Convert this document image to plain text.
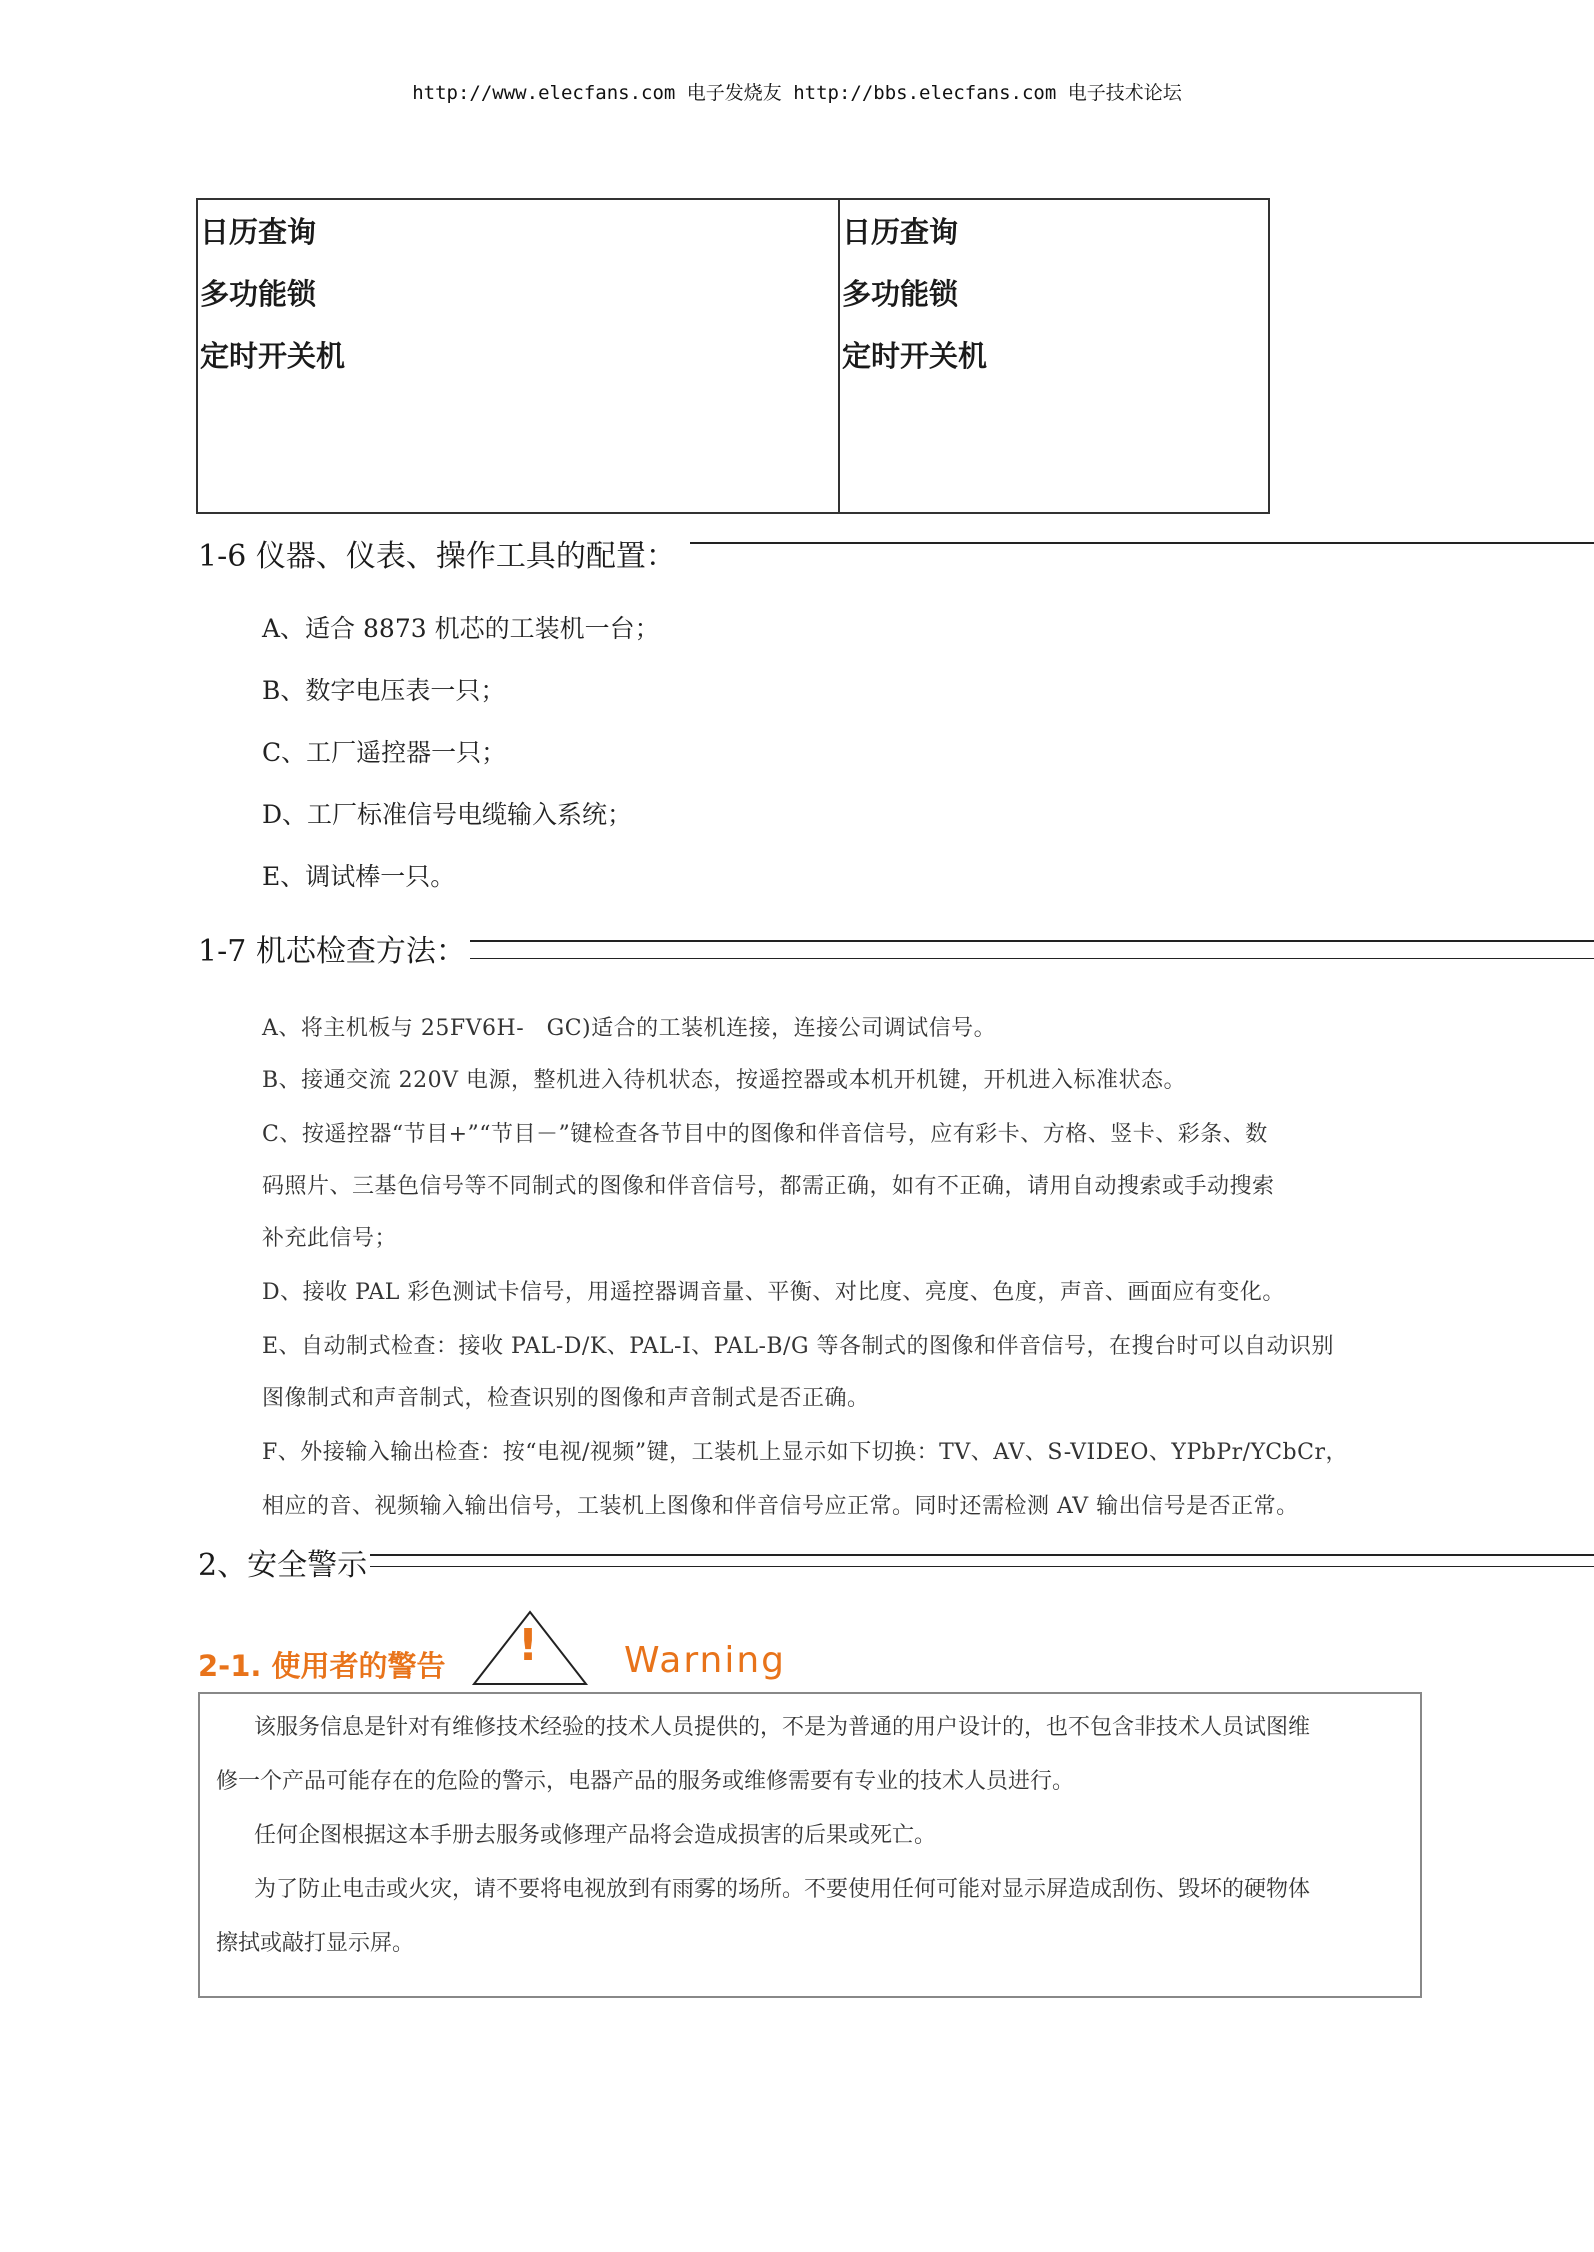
http://www.elecfans.com 电子发烧友 http://bbs.elecfans.com 电子技术论坛
日历查询
多功能锁
定时开关机

日历查询
多功能锁
定时开关机
1-6 仪器、仪表、操作工具的配置：
A、适合 8873 机芯的工装机一台；
B、数字电压表一只；
C、工厂遥控器一只；
D、工厂标准信号电缆输入系统；
E、调试棒一只。
1-7 机芯检查方法：
A、将主机板与 25FV6H-　GC)适合的工装机连接，连接公司调试信号。
B、接通交流 220V 电源，整机进入待机状态，按遥控器或本机开机键，开机进入标准状态。
C、按遥控器“节目+”“节目－”键检查各节目中的图像和伴音信号，应有彩卡、方格、竖卡、彩条、数
码照片、三基色信号等不同制式的图像和伴音信号，都需正确，如有不正确，请用自动搜索或手动搜索
补充此信号；
D、接收 PAL 彩色测试卡信号，用遥控器调音量、平衡、对比度、亮度、色度，声音、画面应有变化。
E、自动制式检查：接收 PAL-D/K、PAL-I、PAL-B/G 等各制式的图像和伴音信号，在搜台时可以自动识别
图像制式和声音制式，检查识别的图像和声音制式是否正确。
F、外接输入输出检查：按“电视/视频”键，工装机上显示如下切换：TV、AV、S-VIDEO、YPbPr/YCbCr，
相应的音、视频输入输出信号，工装机上图像和伴音信号应正常。同时还需检测 AV 输出信号是否正常。
2、安全警示
2-1. 使用者的警告 ! Warning
该服务信息是针对有维修技术经验的技术人员提供的，不是为普通的用户设计的，也不包含非技术人员试图维
修一个产品可能存在的危险的警示，电器产品的服务或维修需要有专业的技术人员进行。
任何企图根据这本手册去服务或修理产品将会造成损害的后果或死亡。
为了防止电击或火灾，请不要将电视放到有雨雾的场所。不要使用任何可能对显示屏造成刮伤、毁坏的硬物体
擦拭或敲打显示屏。
